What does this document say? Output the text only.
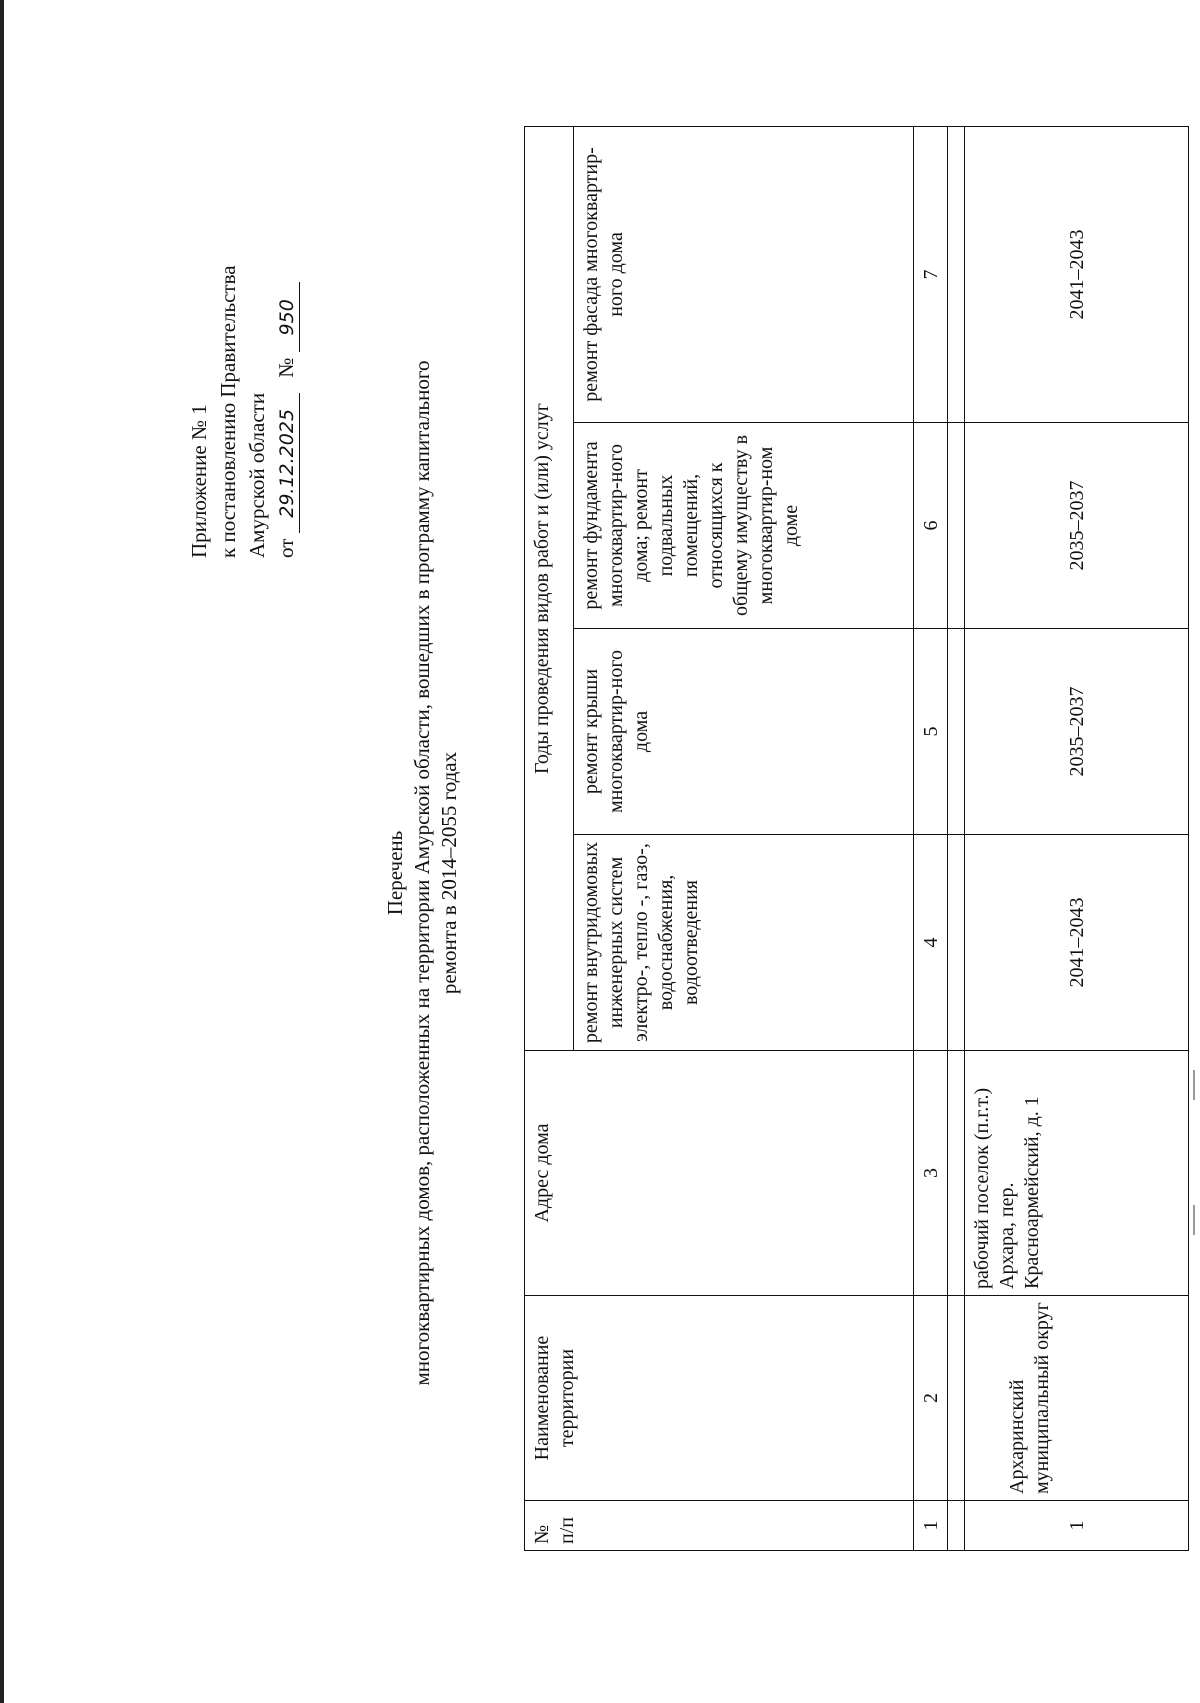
Приложение № 1 к постановлению Правительства Амурской области от 29.12.2025   № 950
Перечень многоквартирных домов, расположенных на территории Амурской области, вошедших в программу капитального ремонта в 2014–2055 годах
№ п/п	Наименование территории	Адрес дома	Годы проведения видов работ и (или) услуг			
			ремонт внутридомовых инженерных систем электро-, тепло -, газо-, водоснабжения, водоотведения	ремонт крыши многоквартир-ного дома	ремонт фундамента многоквартир-ного дома; ремонт подвальных помещений, относящихся к общему имуществу в многоквартир-ном доме	ремонт фасада многоквартир-ного дома
1	2	3	4	5	6	7

1	Архаринский муниципальный округ	рабочий поселок (п.г.т.) Архара, пер. Красноармейский, д. 1	2041–2043	2035–2037	2035–2037	2041–2043
